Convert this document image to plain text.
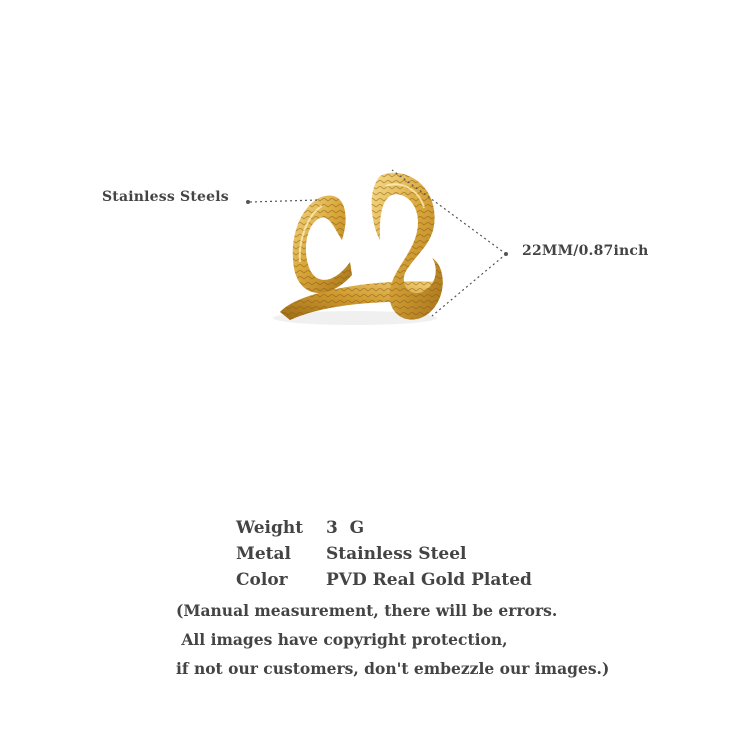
Stainless Steels
22MM/0.87inch
Weight	3  G
Metal	Stainless Steel
Color	PVD Real Gold Plated
(Manual measurement, there will be errors.
All images have copyright protection,
if not our customers, don't embezzle our images.)
